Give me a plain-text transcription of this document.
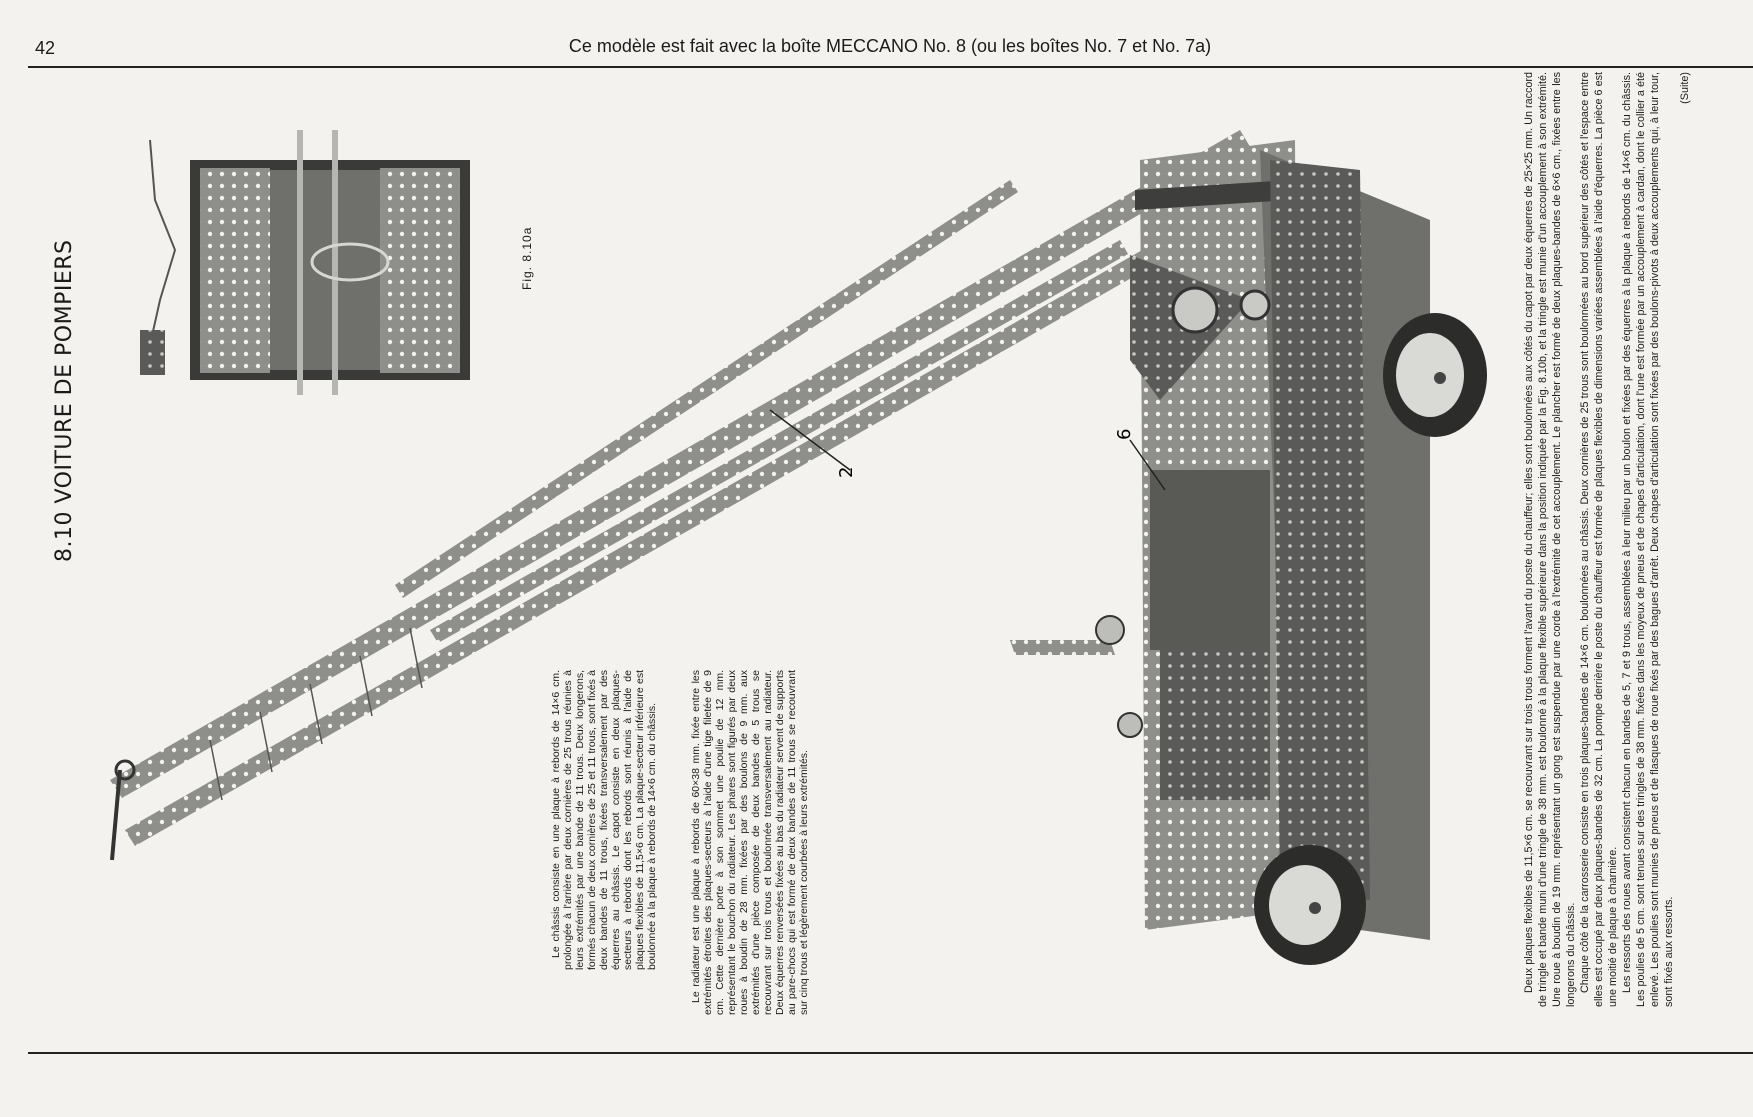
42	Ce modèle est fait avec la boîte MECCANO No. 8 (ou les boîtes No. 7 et No. 7a)
2
6
8.10 VOITURE DE POMPIERS	Fig. 8.10a

Le châssis consiste en une plaque à rebords de 14×6 cm. prolongée à l'arrière par deux cornières de 25 trous réunies à leurs extrémités par une bande de 11 trous. Deux longerons, formés chacun de deux cornières de 25 et 11 trous, sont fixés à deux bandes de 11 trous, fixées transversalement par des équerres au châssis. Le capot consiste en deux plaques-secteurs à rebords dont les rebords sont réunis à l'aide de plaques flexibles de 11,5×6 cm. La plaque-secteur inférieure est boulonnée à la plaque à rebords de 14×6 cm. du châssis.	Le radiateur est une plaque à rebords de 60×38 mm. fixée entre les extrémités étroites des plaques-secteurs à l'aide d'une tige filetée de 9 cm. Cette dernière porte à son sommet une poulie de 12 mm. représentant le bouchon du radiateur. Les phares sont figurés par deux roues à boudin de 28 mm. fixées par des boulons de 9 mm. aux extrémités d'une pièce composée de deux bandes de 5 trous se recouvrant sur trois trous et boulonnée transversalement au radiateur. Deux équerres renversées fixées au bas du radiateur servent de supports au pare-chocs qui est formé de deux bandes de 11 trous se recouvrant sur cinq trous et légèrement courbées à leurs extrémités.	Deux plaques flexibles de 11,5×6 cm. se recouvrant sur trois trous forment l'avant du poste du chauffeur; elles sont boulonnées aux côtés du capot par deux équerres de 25×25 mm. Un raccord de tringle et bande muni d'une tringle de 38 mm. est boulonné à la plaque flexible supérieure dans la position indiquée par la Fig. 8.10b, et la tringle est munie d'un accouplement à son extrémité. Une roue à boudin de 19 mm. représentant un gong est suspendue par une corde à l'extrémité de cet accouplement. Le plancher est formé de deux plaques-bandes de 6×6 cm., fixées entre les longerons du châssis. Chaque côté de la carrosserie consiste en trois plaques-bandes de 14×6 cm. boulonnées au châssis. Deux cornières de 25 trous sont boulonnées au bord supérieur des côtés et l'espace entre elles est occupé par deux plaques-bandes de 32 cm. La pompe derrière le poste du chauffeur est formée de plaques flexibles de dimensions variées assemblées à l'aide d'équerres. La pièce 6 est une moitié de plaque à charnière. Les ressorts des roues avant consistent chacun en bandes de 5, 7 et 9 trous, assemblées à leur milieu par un boulon et fixées par des équerres à la plaque à rebords de 14×6 cm. du châssis. Les poulies de 5 cm. sont tenues sur des tringles de 38 mm. fixées dans les moyeux de pneus et de chapes d'articulation, dont l'une est formée par un accouplement à cardan, dont le collier a été enlevé. Les poulies sont munies de pneus et de flasques de roue fixés par des bagues d'arrêt. Deux chapes d'articulation sont fixées par des boulons-pivots à deux accouplements qui, à leur tour, sont fixés aux ressorts.

(Suite)
